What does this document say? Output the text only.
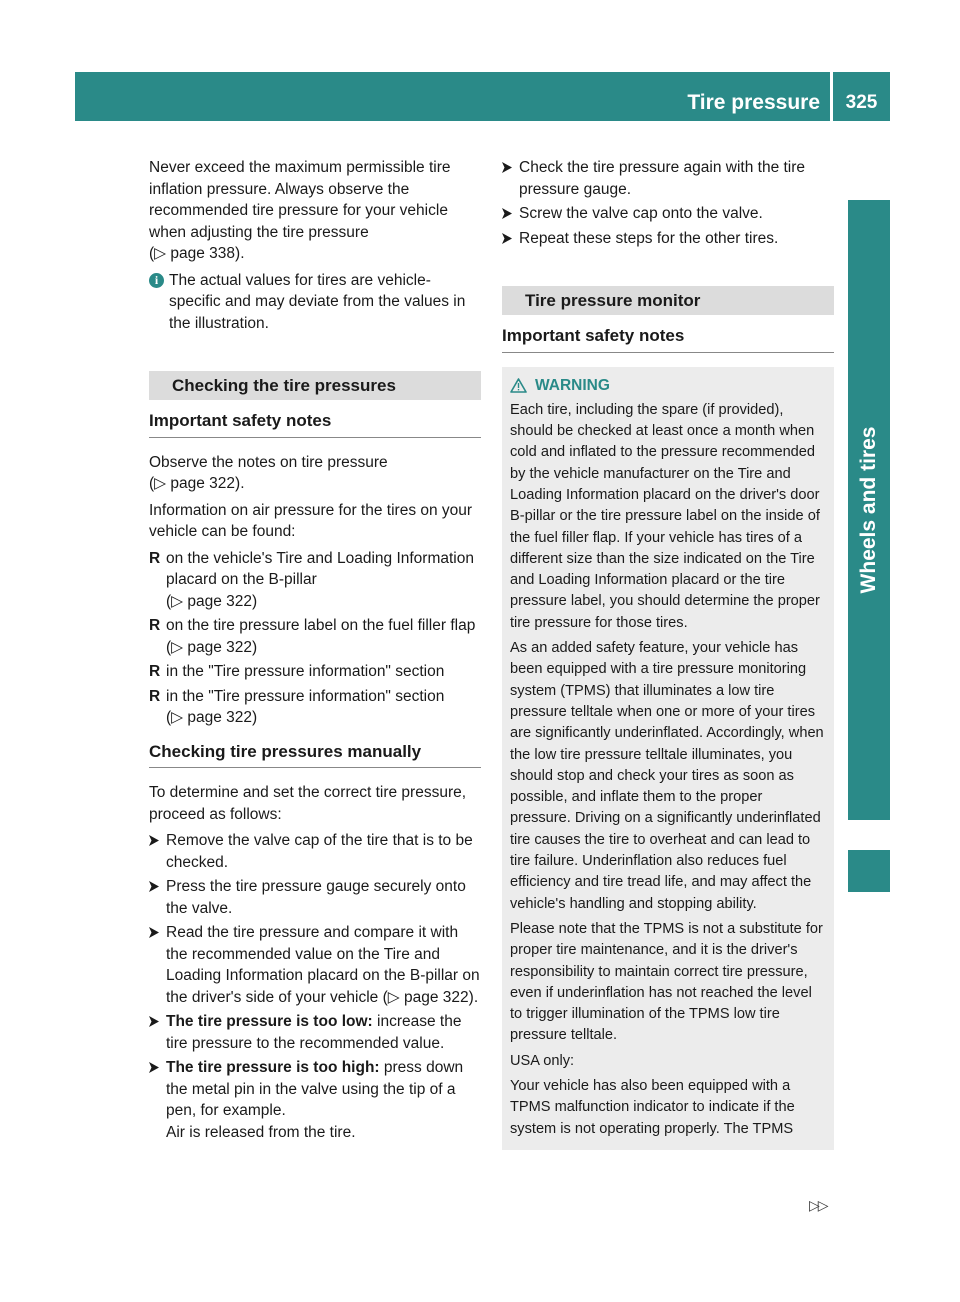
Tire pressure	325
Wheels and tires

Never exceed the maximum permissible tire inflation pressure. Always observe the recommended tire pressure for your vehicle when adjusting the tire pressure
(▷ page 338).

i The actual values for tires are vehicle-specific and may deviate from the values in the illustration.
Checking the tire pressures
Important safety notes

Observe the notes on tire pressure
(▷ page 322).

Information on air pressure for the tires on your vehicle can be found:

R on the vehicle's Tire and Loading Information placard on the B-pillar
(▷ page 322)
R on the tire pressure label on the fuel filler flap (▷ page 322)
R in the "Tire pressure information" section
R in the "Tire pressure information" section
(▷ page 322)
Checking tire pressures manually

To determine and set the correct tire pressure, proceed as follows:

Remove the valve cap of the tire that is to be checked.
Press the tire pressure gauge securely onto the valve.
Read the tire pressure and compare it with the recommended value on the Tire and Loading Information placard on the B-pillar on the driver's side of your vehicle (▷ page 322).
The tire pressure is too low: increase the tire pressure to the recommended value.
The tire pressure is too high: press down the metal pin in the valve using the tip of a pen, for example.
Air is released from the tire.
Check the tire pressure again with the tire pressure gauge.
Screw the valve cap onto the valve.
Repeat these steps for the other tires.
Tire pressure monitor
Important safety notes
WARNING

Each tire, including the spare (if provided), should be checked at least once a month when cold and inflated to the pressure recommended by the vehicle manufacturer on the Tire and Loading Information placard on the driver's door B-pillar or the tire pressure label on the inside of the fuel filler flap. If your vehicle has tires of a different size than the size indicated on the Tire and Loading Information placard or the tire pressure label, you should determine the proper tire pressure for those tires.

As an added safety feature, your vehicle has been equipped with a tire pressure monitoring system (TPMS) that illuminates a low tire pressure telltale when one or more of your tires are significantly underinflated. Accordingly, when the low tire pressure telltale illuminates, you should stop and check your tires as soon as possible, and inflate them to the proper pressure. Driving on a significantly underinflated tire causes the tire to overheat and can lead to tire failure. Underinflation also reduces fuel efficiency and tire tread life, and may affect the vehicle's handling and stopping ability.

Please note that the TPMS is not a substitute for proper tire maintenance, and it is the driver's responsibility to maintain correct tire pressure, even if underinflation has not reached the level to trigger illumination of the TPMS low tire pressure telltale.

USA only:

Your vehicle has also been equipped with a TPMS malfunction indicator to indicate if the system is not operating properly. The TPMS

▷▷
